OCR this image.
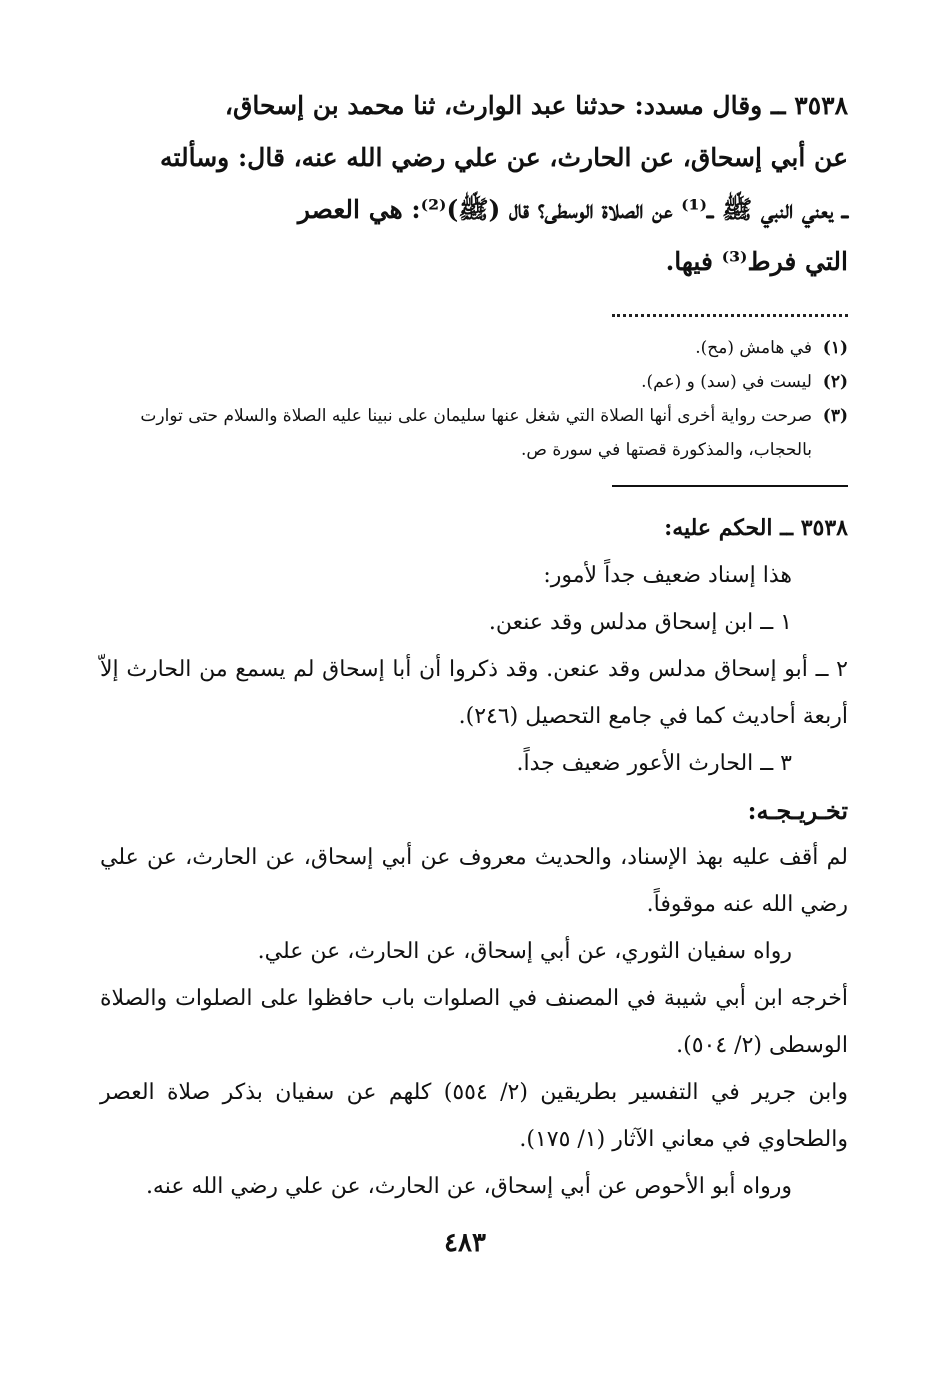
٣٥٣٨ ــ وقال مسدد: حدثنا عبد الوارث، ثنا محمد بن إسحاق،

عن أبي إسحاق، عن الحارث، عن علي رضي الله عنه، قال: وسألته

ــ يعني النبي ﷺ ــ⁽¹⁾ عن الصلاة الوسطى؟ قال (ﷺ)⁽²⁾: هي العصر

التي فرط⁽³⁾ فيها.

(١)
في هامش (مح).
(٢)
ليست في (سد) و (عم).
(٣)
صرحت رواية أخرى أنها الصلاة التي شغل عنها سليمان على نبينا عليه الصلاة والسلام حتى توارت بالحجاب، والمذكورة قصتها في سورة ص.
٣٥٣٨ ــ الحكم عليه:
هذا إسناد ضعيف جداً لأمور:
١ ــ ابن إسحاق مدلس وقد عنعن.
٢ ــ أبو إسحاق مدلس وقد عنعن. وقد ذكروا أن أبا إسحاق لم يسمع من الحارث إلاّ أربعة أحاديث كما في جامع التحصيل (٢٤٦).
٣ ــ الحارث الأعور ضعيف جداً.
تخـريـجـه:
لم أقف عليه بهذ الإسناد، والحديث معروف عن أبي إسحاق، عن الحارث، عن علي رضي الله عنه موقوفاً.
رواه سفيان الثوري، عن أبي إسحاق، عن الحارث، عن علي.
أخرجه ابن أبي شيبة في المصنف في الصلوات باب حافظوا على الصلوات والصلاة الوسطى (٢/ ٥٠٤).
وابن جرير في التفسير بطريقين (٢/ ٥٥٤) كلهم عن سفيان بذكر صلاة العصر والطحاوي في معاني الآثار (١/ ١٧٥).
ورواه أبو الأحوص عن أبي إسحاق، عن الحارث، عن علي رضي الله عنه.
٤٨٣
